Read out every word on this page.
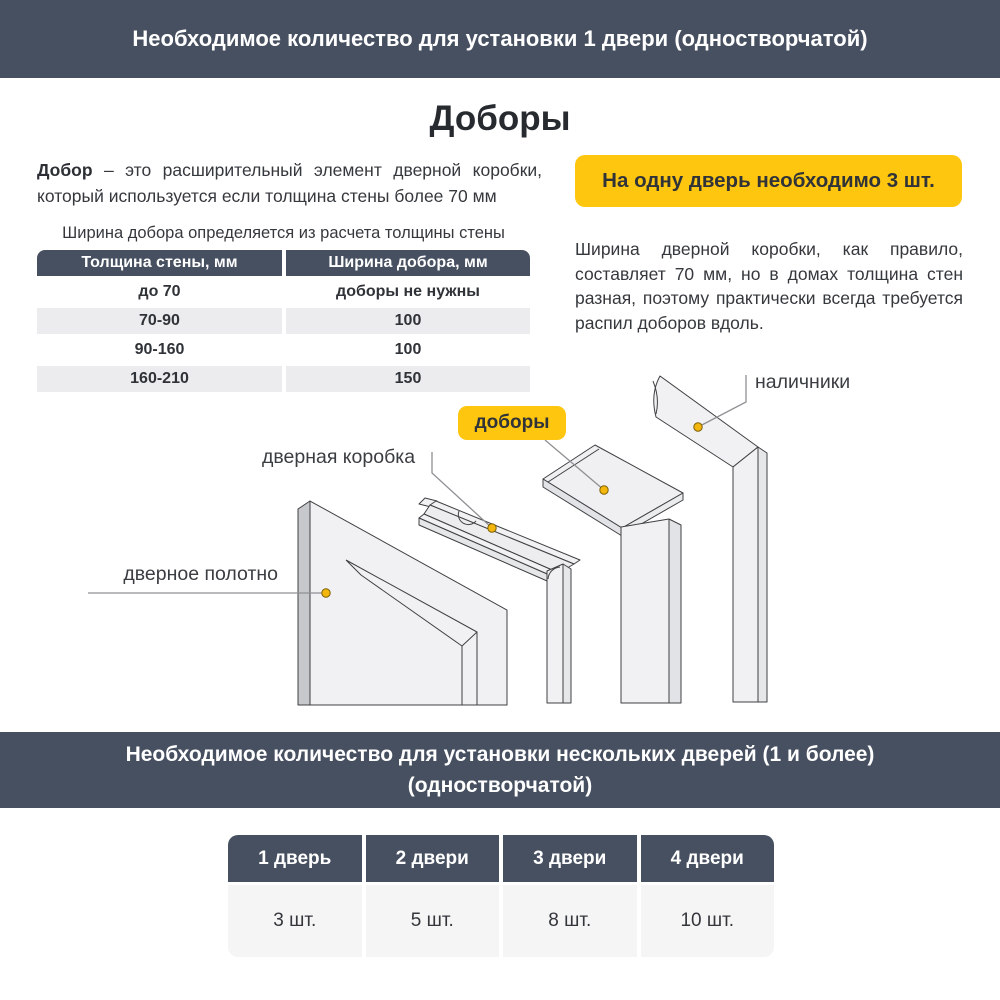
Необходимое количество для установки 1 двери (одностворчатой)
Доборы

Добор – это расширительный элемент дверной коробки, который используется если толщина стены более 70 мм

Ширина добора определяется из расчета толщины стены
Толщина стены, мм	Ширина добора, мм
до 70	доборы не нужны
70-90	100
90-160	100
160-210	150
На одну дверь необходимо 3 шт.

Ширина дверной коробки, как правило, составляет 70 мм, но в домах толщина стен разная, поэтому практически всегда требуется распил доборов вдоль.

дверное полотно
дверная коробка
наличники
доборы
Необходимое количество для установки нескольких дверей (1 и более)
(одностворчатой)
1 дверь	2 двери	3 двери	4 двери
3 шт.	5 шт.	8 шт.	10 шт.
